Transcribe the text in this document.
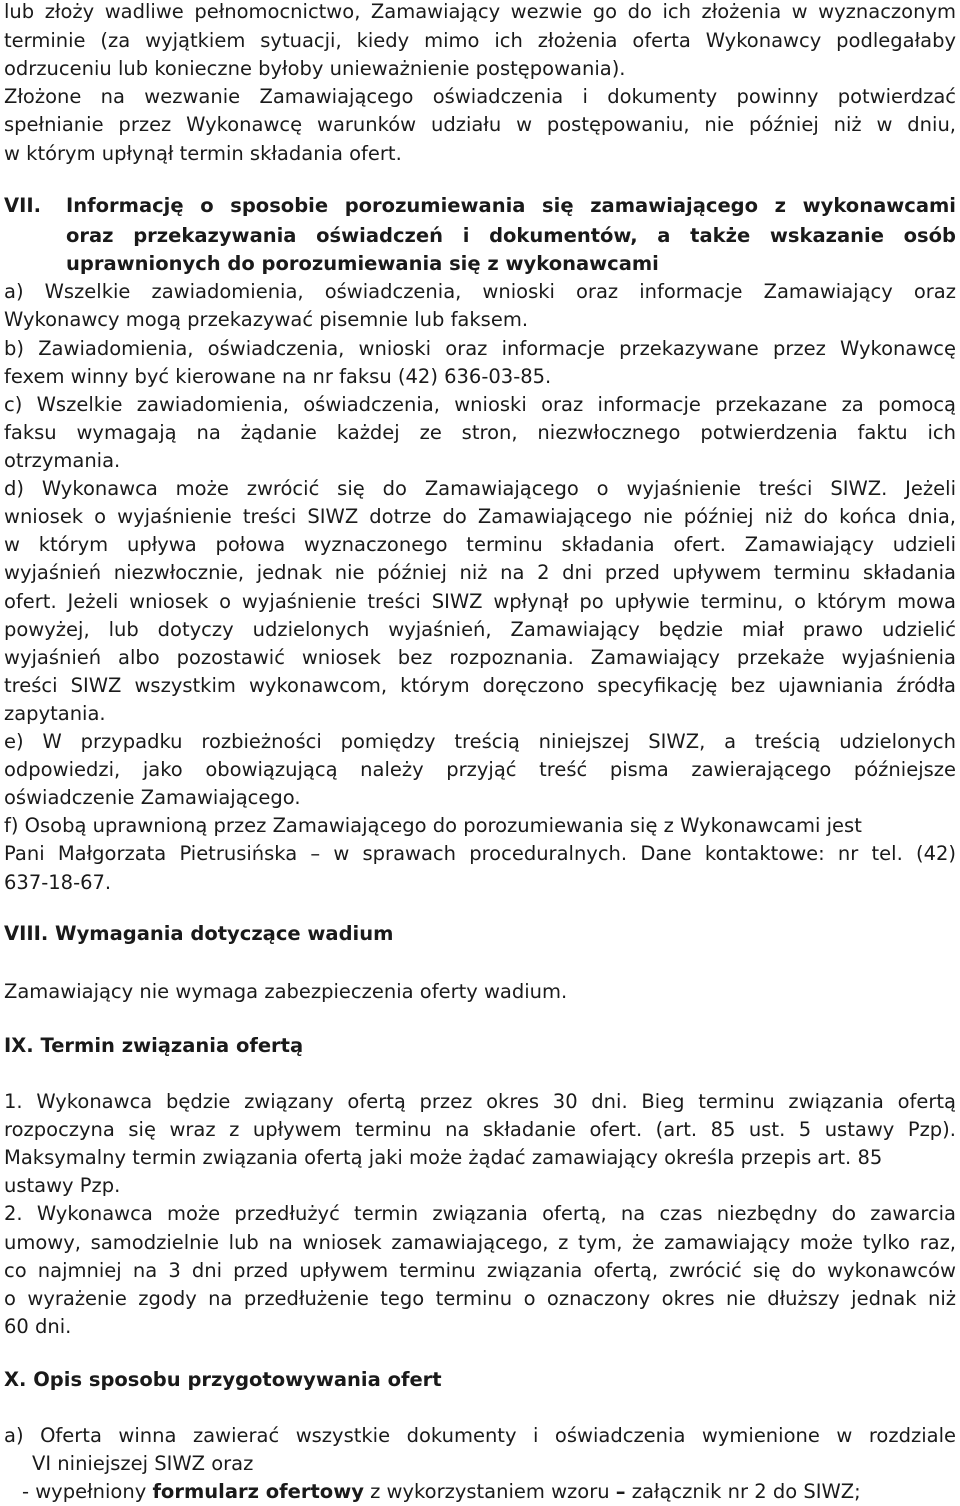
lub złoży wadliwe pełnomocnictwo, Zamawiający wezwie go do ich złożenia w wyznaczonym
terminie (za wyjątkiem sytuacji, kiedy mimo ich złożenia oferta Wykonawcy podlegałaby
odrzuceniu lub konieczne byłoby unieważnienie postępowania).
Złożone na wezwanie Zamawiającego oświadczenia i dokumenty powinny potwierdzać
spełnianie przez Wykonawcę warunków udziału w postępowaniu, nie później niż w dniu,
w którym upłynął termin składania ofert.
VII.	Informację o sposobie porozumiewania się zamawiającego z wykonawcami
oraz przekazywania oświadczeń i dokumentów, a także wskazanie osób
uprawnionych do porozumiewania się z wykonawcami
a) Wszelkie zawiadomienia, oświadczenia, wnioski oraz informacje Zamawiający oraz
Wykonawcy mogą przekazywać pisemnie lub faksem.
b) Zawiadomienia, oświadczenia, wnioski oraz informacje przekazywane przez Wykonawcę
fexem winny być kierowane na nr faksu (42) 636-03-85.
c) Wszelkie zawiadomienia, oświadczenia, wnioski oraz informacje przekazane za pomocą
faksu wymagają na żądanie każdej ze stron, niezwłocznego potwierdzenia faktu ich
otrzymania.
d) Wykonawca może zwrócić się do Zamawiającego o wyjaśnienie treści SIWZ. Jeżeli
wniosek o wyjaśnienie treści SIWZ dotrze do Zamawiającego nie później niż do końca dnia,
w którym upływa połowa wyznaczonego terminu składania ofert. Zamawiający udzieli
wyjaśnień niezwłocznie, jednak nie później niż na 2 dni przed upływem terminu składania
ofert. Jeżeli wniosek o wyjaśnienie treści SIWZ wpłynął po upływie terminu, o którym mowa
powyżej, lub dotyczy udzielonych wyjaśnień, Zamawiający będzie miał prawo udzielić
wyjaśnień albo pozostawić wniosek bez rozpoznania. Zamawiający przekaże wyjaśnienia
treści SIWZ wszystkim wykonawcom, którym doręczono specyfikację bez ujawniania źródła
zapytania.
e) W przypadku rozbieżności pomiędzy treścią niniejszej SIWZ, a treścią udzielonych
odpowiedzi, jako obowiązującą należy przyjąć treść pisma zawierającego późniejsze
oświadczenie Zamawiającego.
f) Osobą uprawnioną przez Zamawiającego do porozumiewania się z Wykonawcami jest
Pani Małgorzata Pietrusińska – w sprawach proceduralnych. Dane kontaktowe: nr tel. (42)
637-18-67.
VIII. Wymagania dotyczące wadium
Zamawiający nie wymaga zabezpieczenia oferty wadium.
IX. Termin związania ofertą
1. Wykonawca będzie związany ofertą przez okres 30 dni. Bieg terminu związania ofertą
rozpoczyna się wraz z upływem terminu na składanie ofert. (art. 85 ust. 5 ustawy Pzp).
Maksymalny termin związania ofertą jaki może żądać zamawiający określa przepis art. 85
ustawy Pzp.
2. Wykonawca może przedłużyć termin związania ofertą, na czas niezbędny do zawarcia
umowy, samodzielnie lub na wniosek zamawiającego, z tym, że zamawiający może tylko raz,
co najmniej na 3 dni przed upływem terminu związania ofertą, zwrócić się do wykonawców
o wyrażenie zgody na przedłużenie tego terminu o oznaczony okres nie dłuższy jednak niż
60 dni.
X. Opis sposobu przygotowywania ofert
a) Oferta winna zawierać wszystkie dokumenty i oświadczenia wymienione w rozdziale
VI niniejszej SIWZ oraz
- wypełniony formularz ofertowy z wykorzystaniem wzoru – załącznik nr 2 do SIWZ;
